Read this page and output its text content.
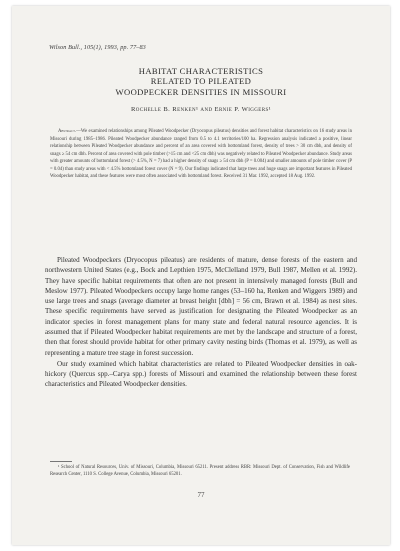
Wilson Bull., 105(1), 1993, pp. 77–83
HABITAT CHARACTERISTICS
RELATED TO PILEATED
WOODPECKER DENSITIES IN MISSOURI
Rochelle B. Renken¹ and Ernie P. Wiggers¹
Abstract.—We examined relationships among Pileated Woodpecker (Dryocopus pileatus) densities and forest habitat characteristics on 16 study areas in Missouri during 1985–1986. Pileated Woodpecker abundance ranged from 0.5 to 4.1 territories/100 ha. Regression analysis indicated a positive, linear relationship between Pileated Woodpecker abundance and percent of an area covered with bottomland forest, density of trees > 30 cm dbh, and density of snags ≥ 54 cm dbh. Percent of area covered with pole timber (>15 cm and <25 cm dbh) was negatively related to Pileated Woodpecker abundance. Study areas with greater amounts of bottomland forest (> 4.5%, N = 7) had a higher density of snags ≥ 54 cm dbh (P = 0.004) and smaller amounts of pole timber cover (P = 0.04) than study areas with < 4.5% bottomland forest cover (N = 9). Our findings indicated that large trees and huge snags are important features in Pileated Woodpecker habitat, and these features were most often associated with bottomland forest. Received 31 Mar. 1992, accepted 18 Aug. 1992.

Pileated Woodpeckers (Dryocopus pileatus) are residents of mature, dense forests of the eastern and northwestern United States (e.g., Bock and Lepthien 1975, McClelland 1979, Bull 1987, Mellen et al. 1992). They have specific habitat requirements that often are not present in intensively managed forests (Bull and Meslow 1977). Pileated Woodpeckers occupy large home ranges (53–160 ha, Renken and Wiggers 1989) and use large trees and snags (average diameter at breast height [dbh] = 56 cm, Brawn et al. 1984) as nest sites. These specific requirements have served as justification for designating the Pileated Woodpecker as an indicator species in forest management plans for many state and federal natural resource agencies. It is assumed that if Pileated Woodpecker habitat requirements are met by the landscape and structure of a forest, then that forest should provide habitat for other primary cavity nesting birds (Thomas et al. 1979), as well as representing a mature tree stage in forest succession.

Our study examined which habitat characteristics are related to Pileated Woodpecker densities in oak-hickory (Quercus spp.–Carya spp.) forests of Missouri and examined the relationship between these forest characteristics and Pileated Woodpecker densities.

¹ School of Natural Resources, Univ. of Missouri, Columbia, Missouri 65211. Present address RBR: Missouri Dept. of Conservation, Fish and Wildlife Research Center, 1110 S. College Avenue, Columbia, Missouri 65201.
77
